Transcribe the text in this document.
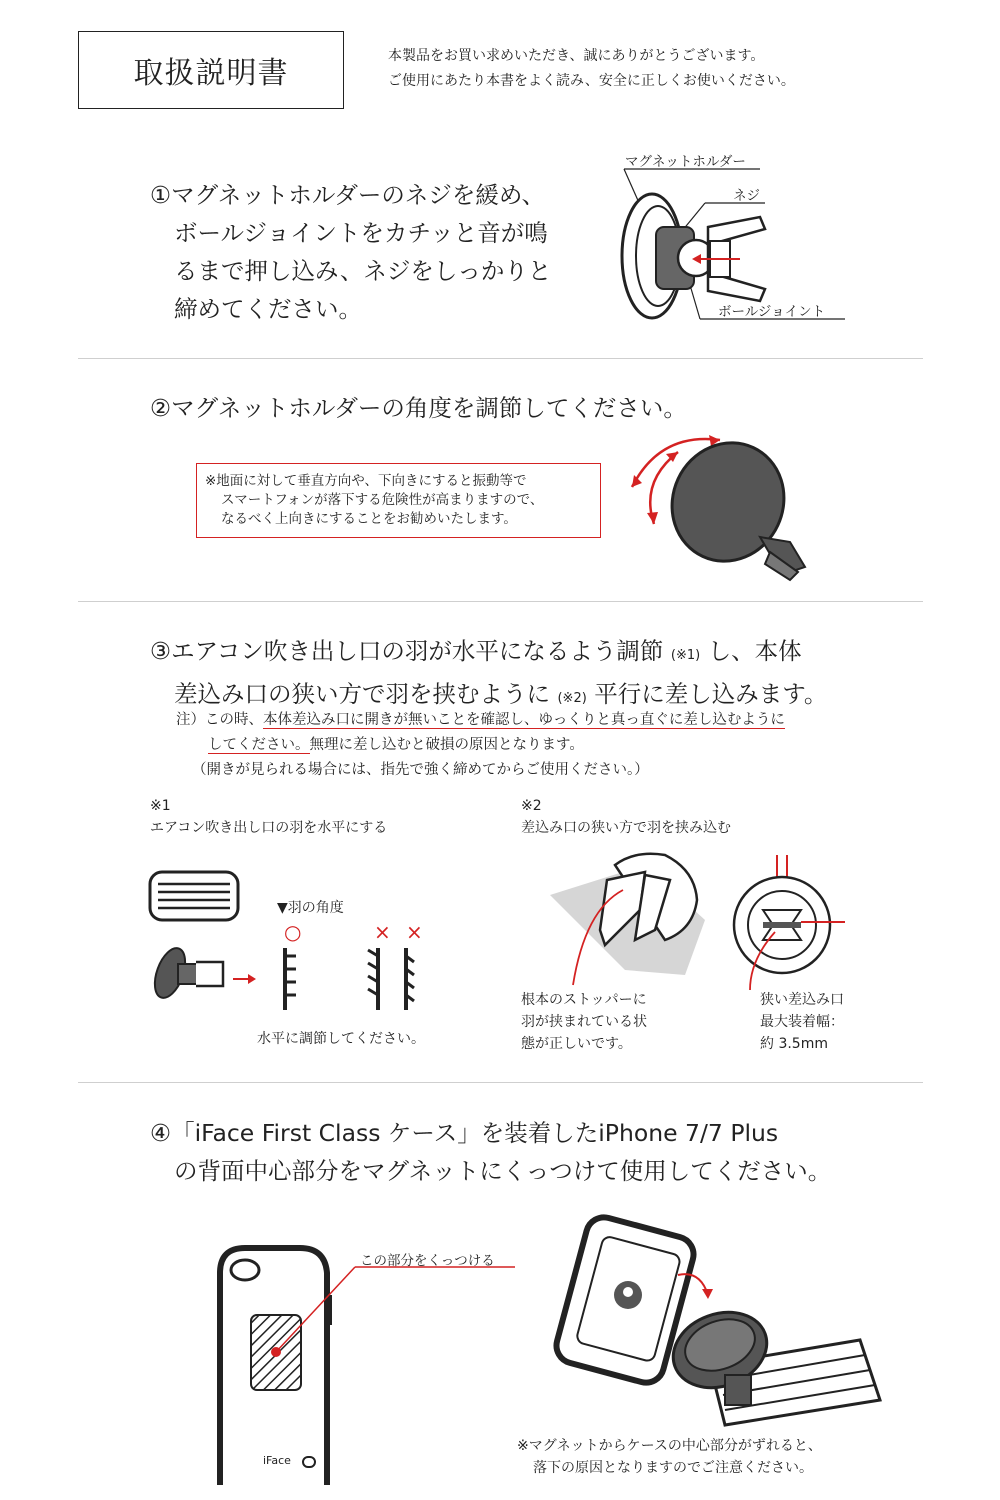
取扱説明書	本製品をお買い求めいただき、誠にありがとうございます。
ご使用にあたり本書をよく読み、安全に正しくお使いください。
①マグネットホルダーのネジを緩め、
ボールジョイントをカチッと音が鳴
るまで押し込み、ネジをしっかりと
締めてください。
マグネットホルダー
ネジ
ボールジョイント
②マグネットホルダーの角度を調節してください。
※地面に対して垂直方向や、下向きにすると振動等で
スマートフォンが落下する危険性が高まりますので、
なるべく上向きにすることをお勧めいたします。
③エアコン吹き出し口の羽が水平になるよう調節 (※1) し、本体
差込み口の狭い方で羽を挟むように (※2) 平行に差し込みます。
注）この時、本体差込み口に開きが無いことを確認し、ゆっくりと真っ直ぐに差し込むように
してください。無理に差し込むと破損の原因となります。
（開きが見られる場合には、指先で強く締めてからご使用ください。）
※1
エアコン吹き出し口の羽を水平にする
▼羽の角度
○	× ×
水平に調節してください。
※2
差込み口の狭い方で羽を挟み込む
根本のストッパーに
羽が挟まれている状
態が正しいです。
狭い差込み口
最大装着幅：
約 3.5mm
④「iFace First Class ケース」を装着したiPhone 7/7 Plus
の背面中心部分をマグネットにくっつけて使用してください。
この部分をくっつける
iFace
※マグネットからケースの中心部分がずれると、
落下の原因となりますのでご注意ください。
